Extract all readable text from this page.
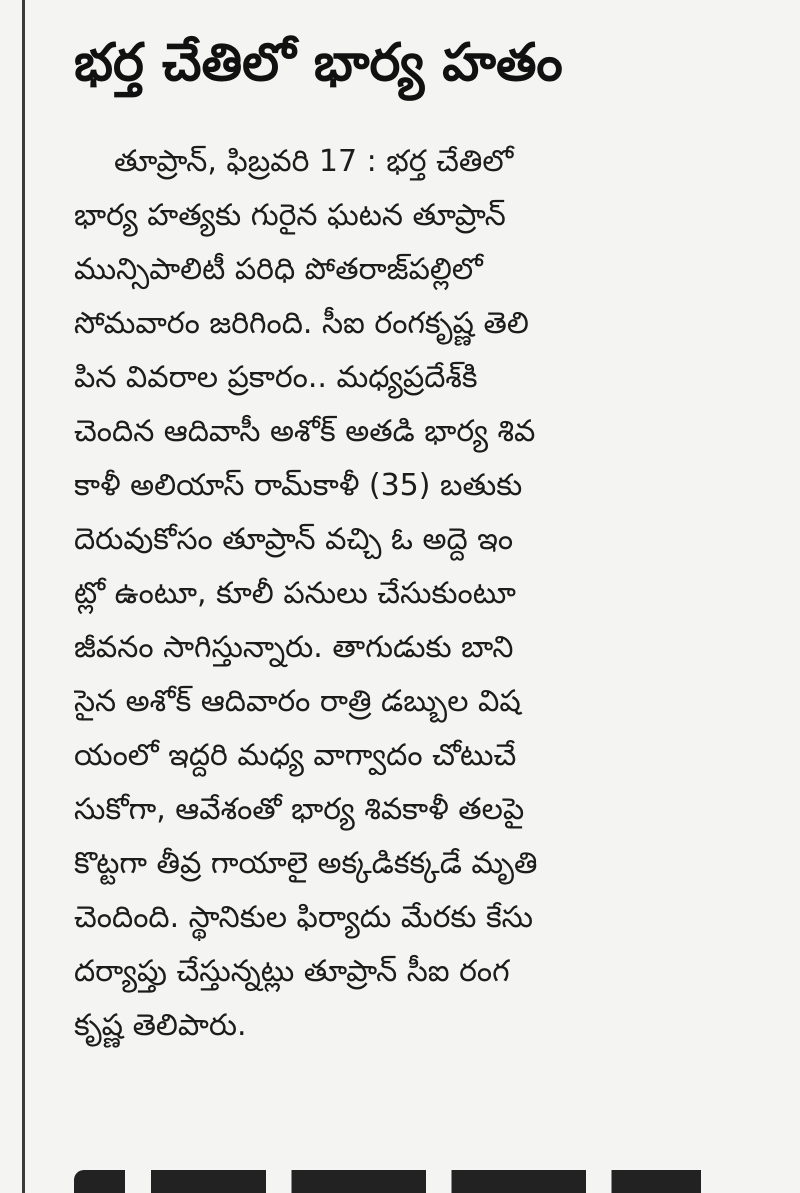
భర్త చేతిలో భార్య హతం
తూప్రాన్, ఫిబ్రవరి 17 : భర్త చేతిలో
భార్య హత్యకు గురైన ఘటన తూప్రాన్
మున్సిపాలిటీ పరిధి పోతరాజ్‌పల్లిలో
సోమవారం జరిగింది. సీఐ రంగకృష్ణ తెలి
పిన వివరాల ప్రకారం.. మధ్యప్రదేశ్‌కి
చెందిన ఆదివాసీ అశోక్ అతడి భార్య శివ
కాళీ అలియాస్ రామ్‌కాళీ (35) బతుకు
దెరువుకోసం తూప్రాన్ వచ్చి ఓ అద్దె ఇం
ట్లో ఉంటూ, కూలీ పనులు చేసుకుంటూ
జీవనం సాగిస్తున్నారు. తాగుడుకు బాని
సైన అశోక్ ఆదివారం రాత్రి డబ్బుల విష
యంలో ఇద్దరి మధ్య వాగ్వాదం చోటుచే
సుకోగా, ఆవేశంతో భార్య శివకాళీ తలపై
కొట్టగా తీవ్ర గాయాలై అక్కడికక్కడే మృతి
చెందింది. స్థానికుల ఫిర్యాదు మేరకు కేసు
దర్యాప్తు చేస్తున్నట్లు తూప్రాన్ సీఐ రంగ
కృష్ణ తెలిపారు.
